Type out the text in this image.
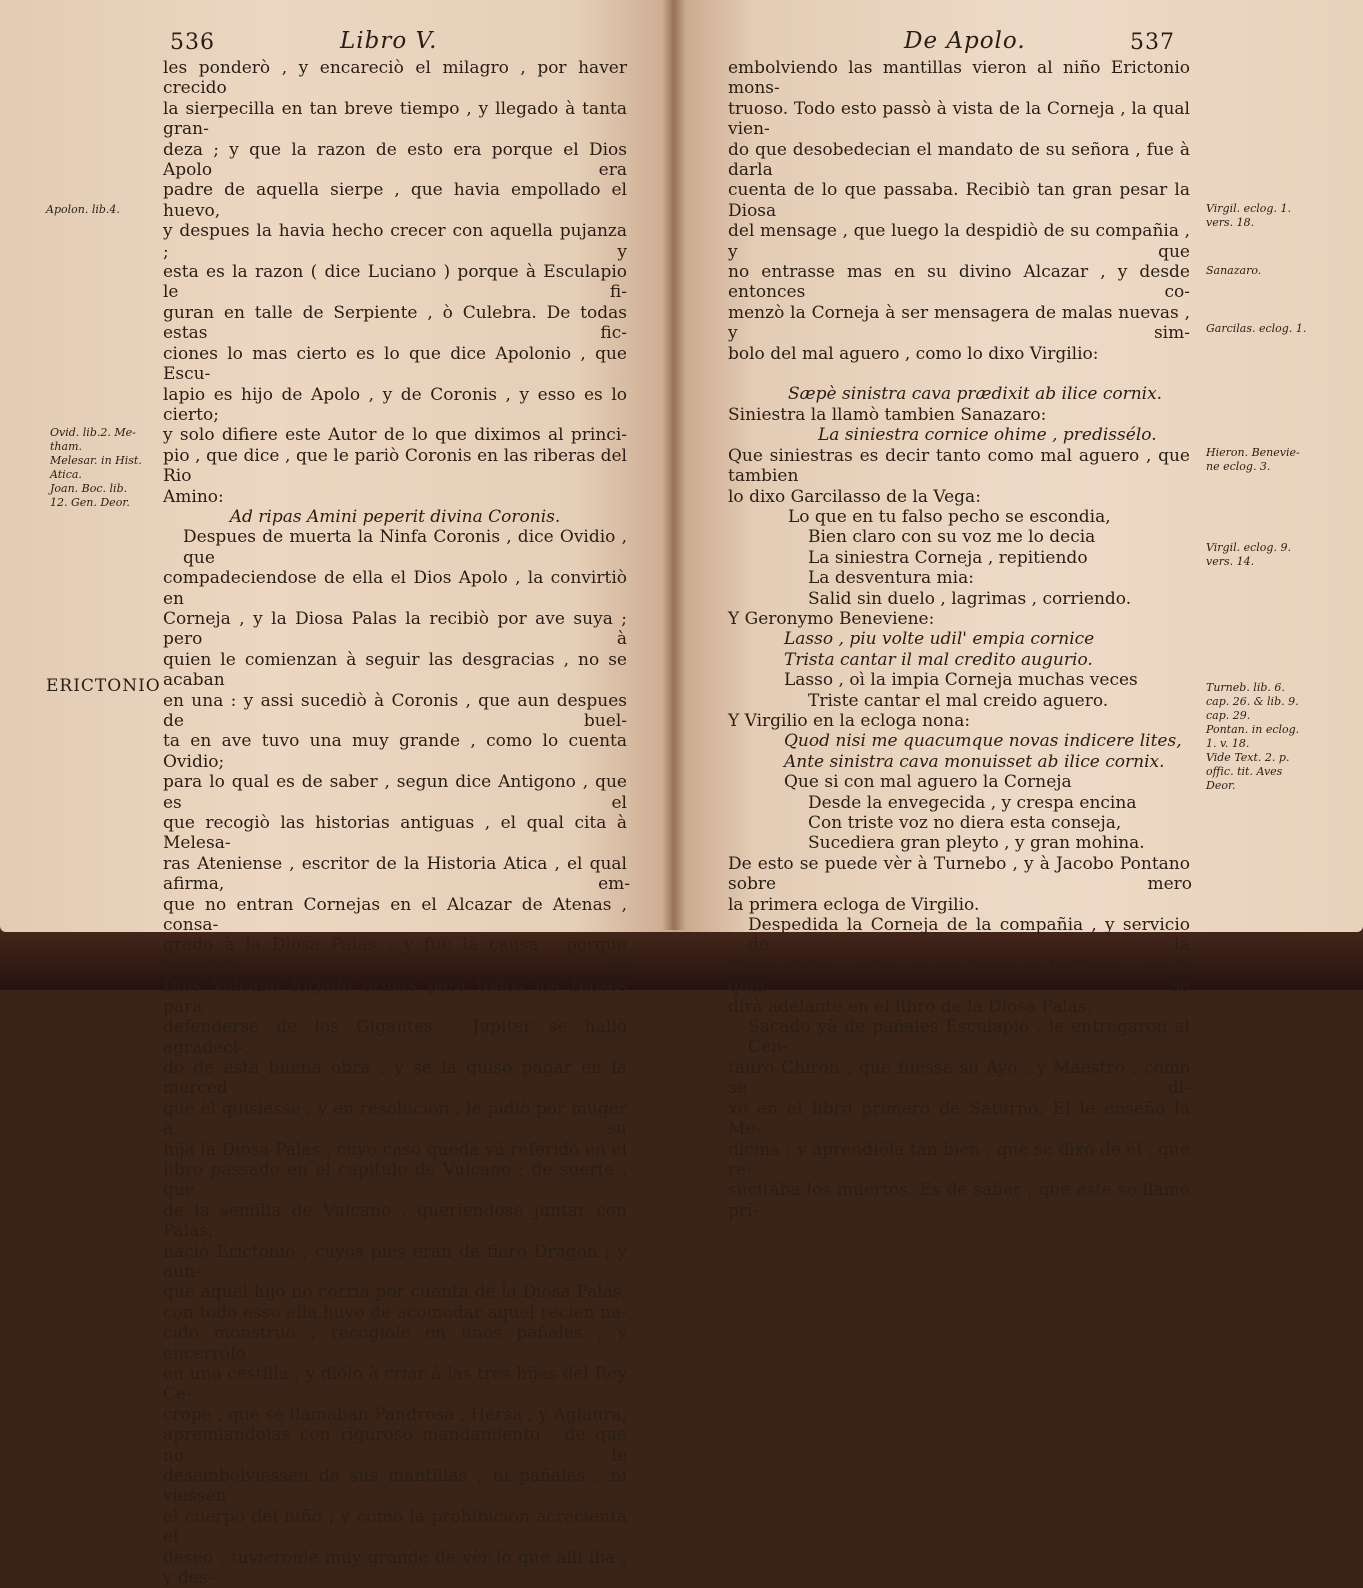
536	Libro V.

les ponderò , y encareciò el milagro , por haver crecido

la sierpecilla en tan breve tiempo , y llegado à tanta gran-

deza ; y que la razon de esto era porque el Dios Apolo era

padre de aquella sierpe , que havia empollado el huevo,

y despues la havia hecho crecer con aquella pujanza ; y

esta es la razon ( dice Luciano ) porque à Esculapio le fi-

guran en talle de Serpiente , ò Culebra. De todas estas fic-

ciones lo mas cierto es lo que dice Apolonio , que Escu-

lapio es hijo de Apolo , y de Coronis , y esso es lo cierto;

y solo difiere este Autor de lo que diximos al princi-

pio , que dice , que le pariò Coronis en las riberas del Rio

Amino:

Ad ripas Amini peperit divina Coronis.

Despues de muerta la Ninfa Coronis , dice Ovidio , que

compadeciendose de ella el Dios Apolo , la convirtiò en

Corneja , y la Diosa Palas la recibiò por ave suya ; pero à

quien le comienzan à seguir las desgracias , no se acaban

en una : y assi sucediò à Coronis , que aun despues de buel-

ta en ave tuvo una muy grande , como lo cuenta Ovidio;

para lo qual es de saber , segun dice Antigono , que es el

que recogiò las historias antiguas , el qual cita à Melesa-

ras Ateniense , escritor de la Historia Atica , el qual afirma,

que no entran Cornejas en el Alcazar de Atenas , consa-

grado à la Diosa Palas ; y fue la causa , porque haviendo el

Dios Vulcano forjado armas para todos los Dioses para

defenderse de los Gigantes , Jupiter se hallò agradeci-

do de esta buena obra , y se la quiso pagar en la merced

que èl quisiesse ; y en resolucion , le pidiò por muger à su

hija la Diosa Palas , cuyo caso queda yà referido en el

libro passado en el capitulo de Vulcano ; de suerte , que

de la semilla de Vulcano , queriendose juntar con Palas,

naciò Erictonio , cuyos pies eran de fiero Dragon ; y aun-

que aquel hijo no corria por cuenta de la Diosa Palas,

con todo esso ella huvo de acomodar aquel recien na-

cido monstruo , recogiòle en unos pañales , y encerròlo

en una cestilla , y diòlo à criar à las tres hijas del Rey Ce-

crope , que se llamaban Pandrosa , Hersa , y Aglaura,

apremiandolas con riguroso mandamiento , de que no le

desembolviessen de sus mantillas , ni pañales , ni viessen

el cuerpo del niño ; y como la prohibicion acrecienta el

deseo , tuvieronle muy grande de vèr lo que alli iba , y des-

em-

ERICTONIO
Apolon. lib.4.
Ovid. lib.2. Me-
tham.
Melesar. in Hist.
Atica.
Joan. Boc. lib.
12. Gen. Deor.
De Apolo.	537

embolviendo las mantillas vieron al niño Erictonio mons-

truoso. Todo esto passò à vista de la Corneja , la qual vien-

do que desobedecian el mandato de su señora , fue à darla

cuenta de lo que passaba. Recibiò tan gran pesar la Diosa

del mensage , que luego la despidiò de su compañia , y que

no entrasse mas en su divino Alcazar , y desde entonces co-

menzò la Corneja à ser mensagera de malas nuevas , y sim-

bolo del mal aguero , como lo dixo Virgilio:

Sæpè sinistra cava prædixit ab ilice cornix.

Siniestra la llamò tambien Sanazaro:

La siniestra cornice ohime , predissélo.

Que siniestras es decir tanto como mal aguero , que tambien

lo dixo Garcilasso de la Vega:

Lo que en tu falso pecho se escondia,

Bien claro con su voz me lo decia

La siniestra Corneja , repitiendo

La desventura mia:

Salid sin duelo , lagrimas , corriendo.

Y Geronymo Beneviene:

Lasso , piu volte udil' empia cornice

Trista cantar il mal credito augurio.

Lasso , oì la impia Corneja muchas veces

Triste cantar el mal creido aguero.

Y Virgilio en la ecloga nona:

Quod nisi me quacumque novas indicere lites,

Ante sinistra cava monuisset ab ilice cornix.

Que si con mal aguero la Corneja

Desde la envegecida , y crespa encina

Con triste voz no diera esta conseja,

Sucediera gran pleyto , y gran mohina.

De esto se puede vèr à Turnebo , y à Jacobo Pontano sobre

la primera ecloga de Virgilio.

Despedida la Corneja de la compañia , y servicio de la

Diosa Palas , entrò en su lugar la Lechuza , de la qual se

dirà adelante en el libro de la Diosa Palas.

Sacado yà de pañales Esculapio , le entregaron al Cen-

tauro Chiron , que fuesse su Ayo , y Maestro , como se di-

xo en el libro primero de Saturno. El le enseñò la Me-

dicina ; y aprendiòla tan bien , que se dixo de èl , que re-

sucitaba los muertos. Es de saber , que este se llamò pri-

mero

Virgil. eclog. 1.
vers. 18.
Sanazaro.
Garcilas. eclog. 1.
Hieron. Benevie-
ne eclog. 3.
Virgil. eclog. 9.
vers. 14.
Turneb. lib. 6.
cap. 26. & lib. 9.
cap. 29.
Pontan. in eclog.
1. v. 18.
Vide Text. 2. p.
offic. tit. Aves
Deor.
